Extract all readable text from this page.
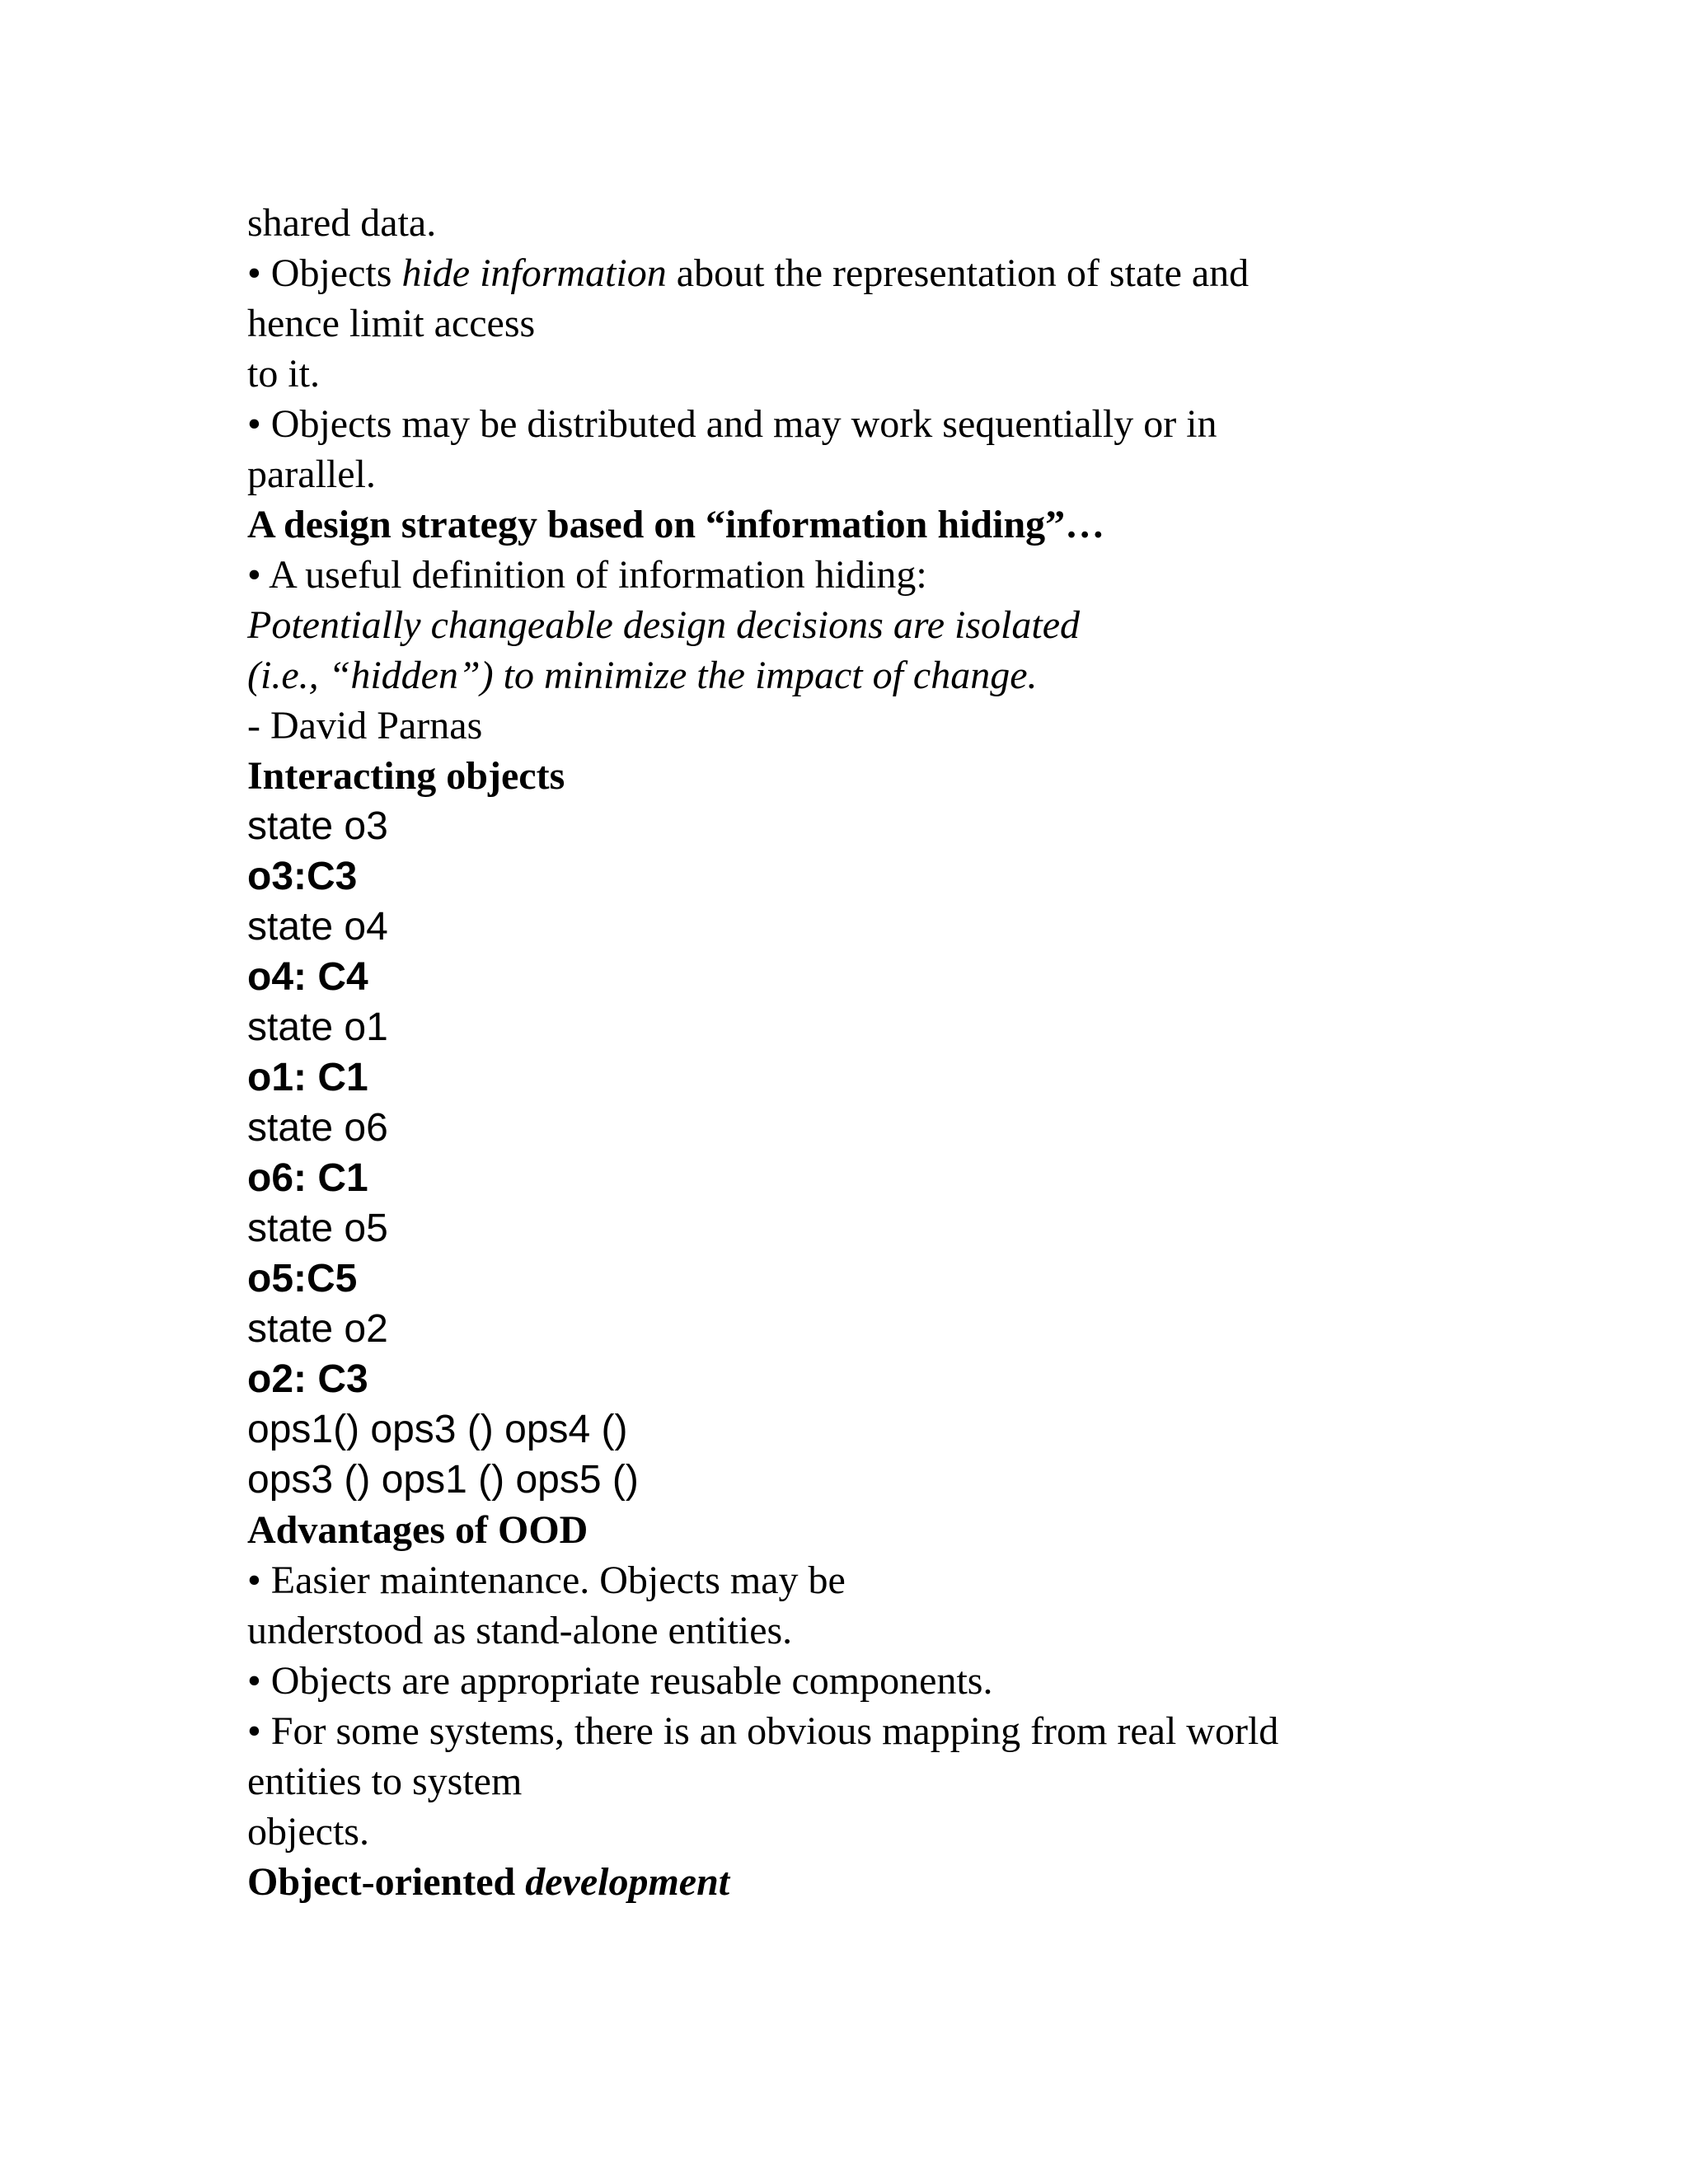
shared data.
• Objects hide information about the representation of state and
hence limit access
to it.
• Objects may be distributed and may work sequentially or in
parallel.
A design strategy based on “information hiding”…
• A useful definition of information hiding:
Potentially changeable design decisions are isolated
(i.e., “hidden”) to minimize the impact of change.
- David Parnas
Interacting objects
state o3
o3:C3
state o4
o4: C4
state o1
o1: C1
state o6
o6: C1
state o5
o5:C5
state o2
o2: C3
ops1() ops3 () ops4 ()
ops3 () ops1 () ops5 ()
Advantages of OOD
• Easier maintenance. Objects may be
understood as stand-alone entities.
• Objects are appropriate reusable components.
• For some systems, there is an obvious mapping from real world
entities to system
objects.
Object-oriented development
